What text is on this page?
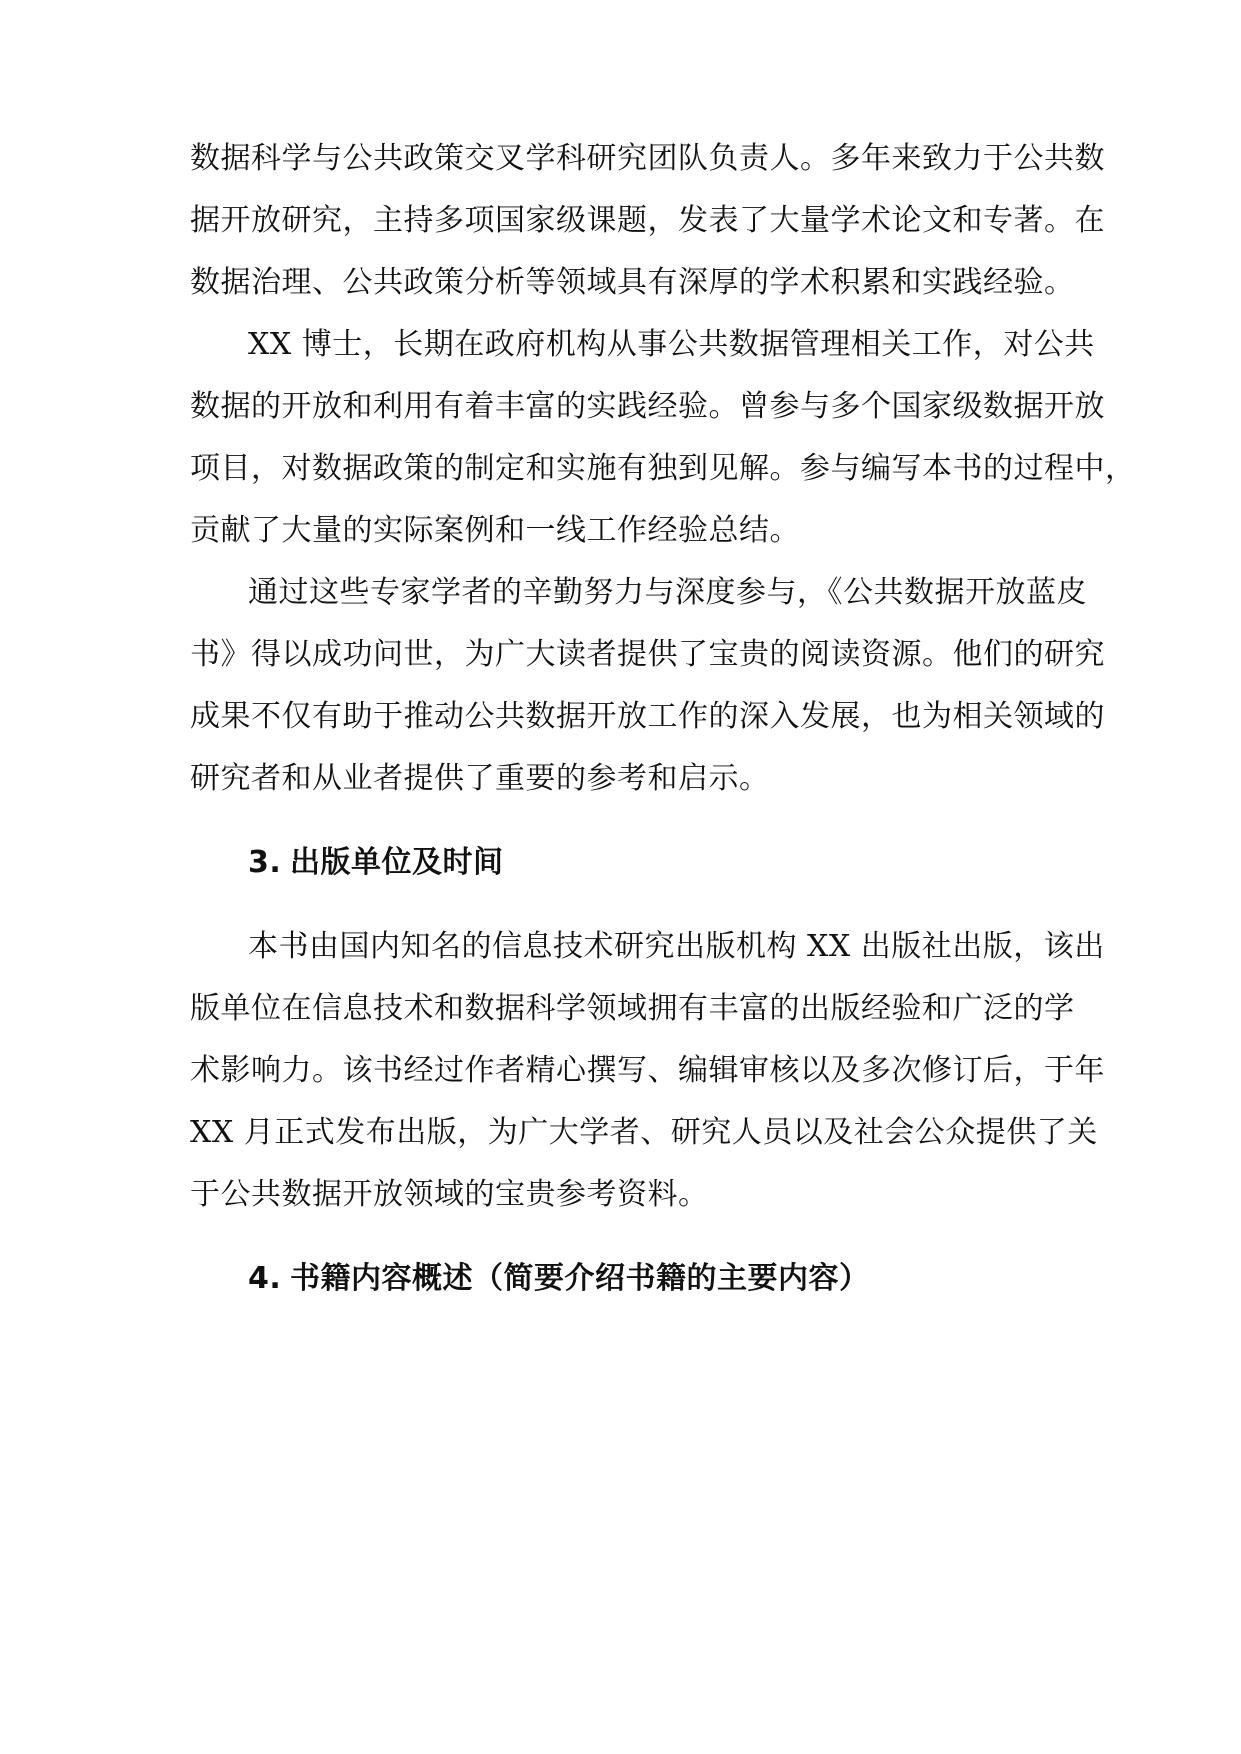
数据科学与公共政策交叉学科研究团队负责人。多年来致力于公共数
据开放研究，主持多项国家级课题，发表了大量学术论文和专著。在
数据治理、公共政策分析等领域具有深厚的学术积累和实践经验。
XX 博士，长期在政府机构从事公共数据管理相关工作，对公共
数据的开放和利用有着丰富的实践经验。曾参与多个国家级数据开放
项目，对数据政策的制定和实施有独到见解。参与编写本书的过程中，
贡献了大量的实际案例和一线工作经验总结。
通过这些专家学者的辛勤努力与深度参与，《公共数据开放蓝皮
书》得以成功问世，为广大读者提供了宝贵的阅读资源。他们的研究
成果不仅有助于推动公共数据开放工作的深入发展，也为相关领域的
研究者和从业者提供了重要的参考和启示。
3. 出版单位及时间
本书由国内知名的信息技术研究出版机构 XX 出版社出版，该出
版单位在信息技术和数据科学领域拥有丰富的出版经验和广泛的学
术影响力。该书经过作者精心撰写、编辑审核以及多次修订后，于年
XX 月正式发布出版，为广大学者、研究人员以及社会公众提供了关
于公共数据开放领域的宝贵参考资料。
4. 书籍内容概述（简要介绍书籍的主要内容）
